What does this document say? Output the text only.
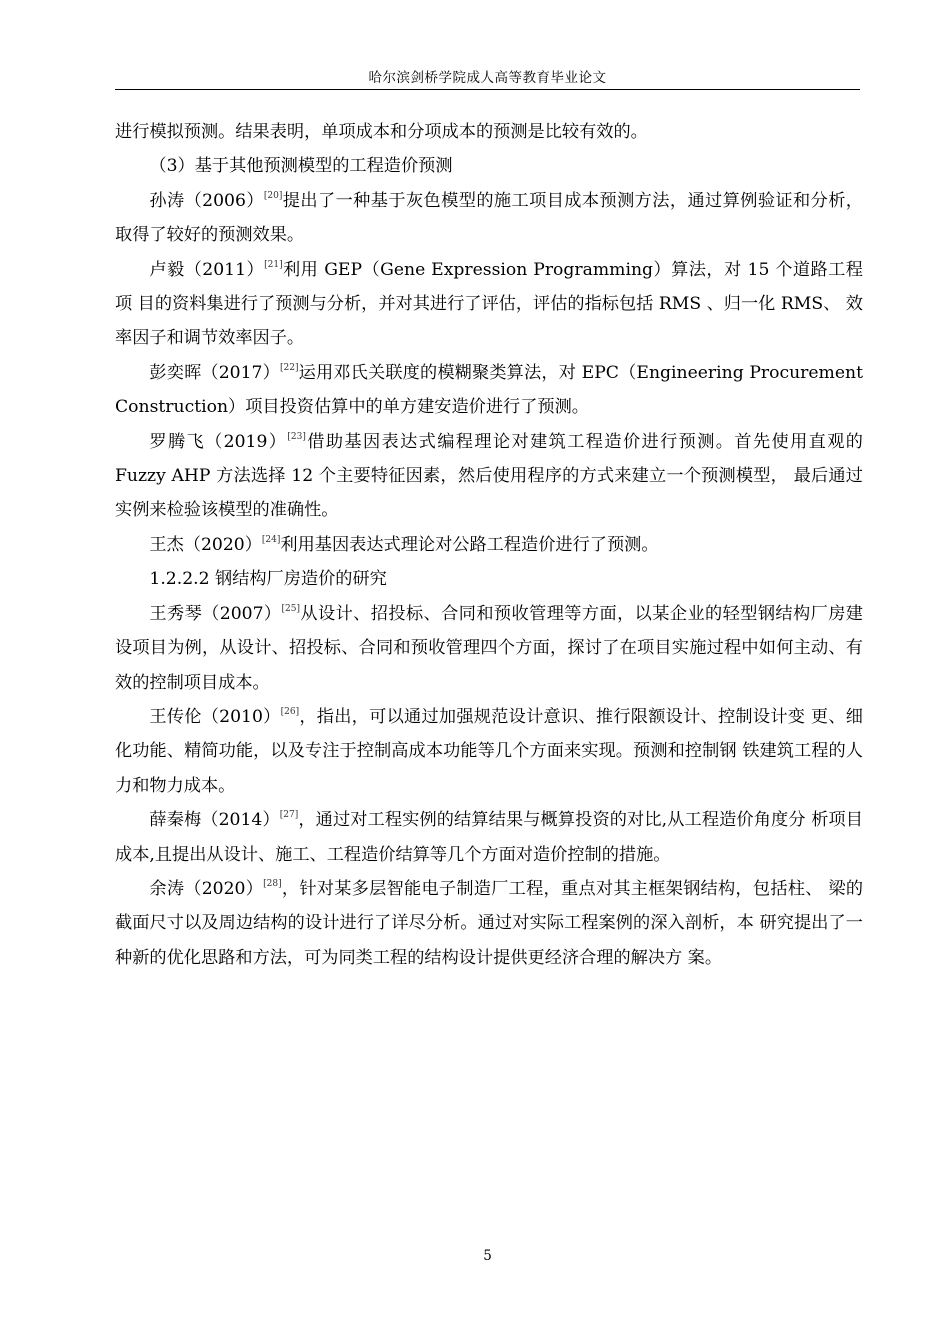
哈尔滨剑桥学院成人高等教育毕业论文

进行模拟预测。结果表明，单项成本和分项成本的预测是比较有效的。

（3）基于其他预测模型的工程造价预测

孙涛（2006）[20]提出了一种基于灰色模型的施工项目成本预测方法，通过算例验证和分析，取得了较好的预测效果。

卢毅（2011）[21]利用 GEP（Gene Expression Programming）算法，对 15 个道路工程项 目的资料集进行了预测与分析，并对其进行了评估，评估的指标包括 RMS 、归一化 RMS、 效率因子和调节效率因子。

彭奕晖（2017）[22]运用邓氏关联度的模糊聚类算法，对 EPC（Engineering Procurement Construction）项目投资估算中的单方建安造价进行了预测。

罗腾飞（2019）[23]借助基因表达式编程理论对建筑工程造价进行预测。首先使用直观的 Fuzzy AHP 方法选择 12 个主要特征因素，然后使用程序的方式来建立一个预测模型， 最后通过实例来检验该模型的准确性。

王杰（2020）[24]利用基因表达式理论对公路工程造价进行了预测。

1.2.2.2 钢结构厂房造价的研究

王秀琴（2007）[25]从设计、招投标、合同和预收管理等方面，以某企业的轻型钢结构厂房建设项目为例，从设计、招投标、合同和预收管理四个方面，探讨了在项目实施过程中如何主动、有效的控制项目成本。

王传伦（2010）[26]，指出，可以通过加强规范设计意识、推行限额设计、控制设计变 更、细化功能、精简功能，以及专注于控制高成本功能等几个方面来实现。预测和控制钢 铁建筑工程的人力和物力成本。

薛秦梅（2014）[27]，通过对工程实例的结算结果与概算投资的对比,从工程造价角度分 析项目成本,且提出从设计、施工、工程造价结算等几个方面对造价控制的措施。

余涛（2020）[28]，针对某多层智能电子制造厂工程，重点对其主框架钢结构，包括柱、 梁的截面尺寸以及周边结构的设计进行了详尽分析。通过对实际工程案例的深入剖析，本 研究提出了一种新的优化思路和方法，可为同类工程的结构设计提供更经济合理的解决方 案。

5
